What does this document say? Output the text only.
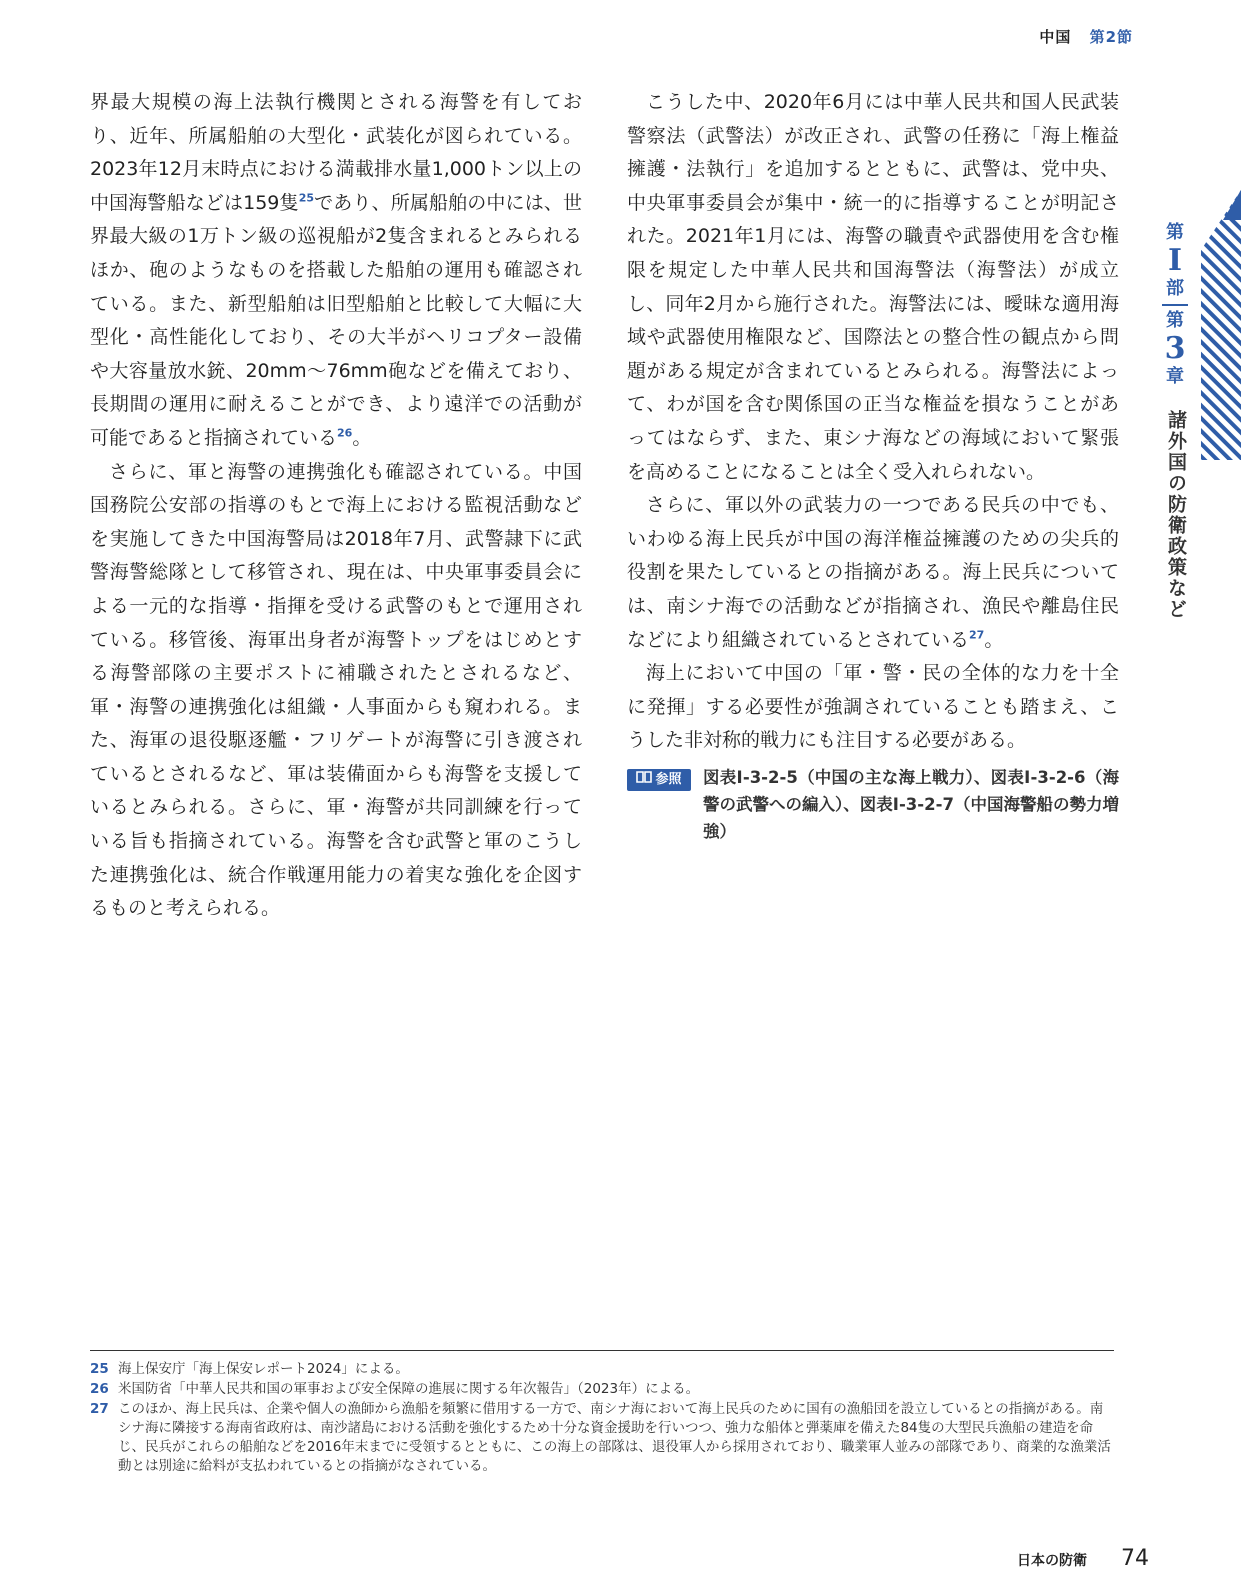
中国 第2節

界最大規模の海上法執行機関とされる海警を有しており、近年、所属船舶の大型化・武装化が図られている。2023年12月末時点における満載排水量1,000トン以上の中国海警船などは159隻$^{25}$であり、所属船舶の中には、世界最大級の1万トン級の巡視船が2隻含まれるとみられるほか、砲のようなものを搭載した船舶の運用も確認されている。また、新型船舶は旧型船舶と比較して大幅に大型化・高性能化しており、その大半がヘリコプター設備や大容量放水銃、20mm～76mm砲などを備えており、長期間の運用に耐えることができ、より遠洋での活動が可能であると指摘されている$^{26}$。

さらに、軍と海警の連携強化も確認されている。中国国務院公安部の指導のもとで海上における監視活動などを実施してきた中国海警局は2018年7月、武警隷下に武警海警総隊として移管され、現在は、中央軍事委員会による一元的な指導・指揮を受ける武警のもとで運用されている。移管後、海軍出身者が海警トップをはじめとする海警部隊の主要ポストに補職されたとされるなど、軍・海警の連携強化は組織・人事面からも窺われる。また、海軍の退役駆逐艦・フリゲートが海警に引き渡されているとされるなど、軍は装備面からも海警を支援しているとみられる。さらに、軍・海警が共同訓練を行っている旨も指摘されている。海警を含む武警と軍のこうした連携強化は、統合作戦運用能力の着実な強化を企図するものと考えられる。

こうした中、2020年6月には中華人民共和国人民武装警察法（武警法）が改正され、武警の任務に「海上権益擁護・法執行」を追加するとともに、武警は、党中央、中央軍事委員会が集中・統一的に指導することが明記された。2021年1月には、海警の職責や武器使用を含む権限を規定した中華人民共和国海警法（海警法）が成立し、同年2月から施行された。海警法には、曖昧な適用海域や武器使用権限など、国際法との整合性の観点から問題がある規定が含まれているとみられる。海警法によって、わが国を含む関係国の正当な権益を損なうことがあってはならず、また、東シナ海などの海域において緊張を高めることになることは全く受入れられない。

さらに、軍以外の武装力の一つである民兵の中でも、いわゆる海上民兵が中国の海洋権益擁護のための尖兵的役割を果たしているとの指摘がある。海上民兵については、南シナ海での活動などが指摘され、漁民や離島住民などにより組織されているとされている$^{27}$。

海上において中国の「軍・警・民の全体的な力を十全に発揮」する必要性が強調されていることも踏まえ、こうした非対称的戦力にも注目する必要がある。

参照 図表Ⅰ-3-2-5（中国の主な海上戦力）、図表Ⅰ-3-2-6（海警の武警への編入）、図表Ⅰ-3-2-7（中国海警船の勢力増強）
第
I
部
第
3
章
諸外国の防衛政策など
25 海上保安庁「海上保安レポート2024」による。
26 米国防省「中華人民共和国の軍事および安全保障の進展に関する年次報告」（2023年）による。
27 このほか、海上民兵は、企業や個人の漁師から漁船を頻繁に借用する一方で、南シナ海において海上民兵のために国有の漁船団を設立しているとの指摘がある。南シナ海に隣接する海南省政府は、南沙諸島における活動を強化するため十分な資金援助を行いつつ、強力な船体と弾薬庫を備えた84隻の大型民兵漁船の建造を命じ、民兵がこれらの船舶などを2016年末までに受領するとともに、この海上の部隊は、退役軍人から採用されており、職業軍人並みの部隊であり、商業的な漁業活動とは別途に給料が支払われているとの指摘がなされている。
日本の防衛 74
